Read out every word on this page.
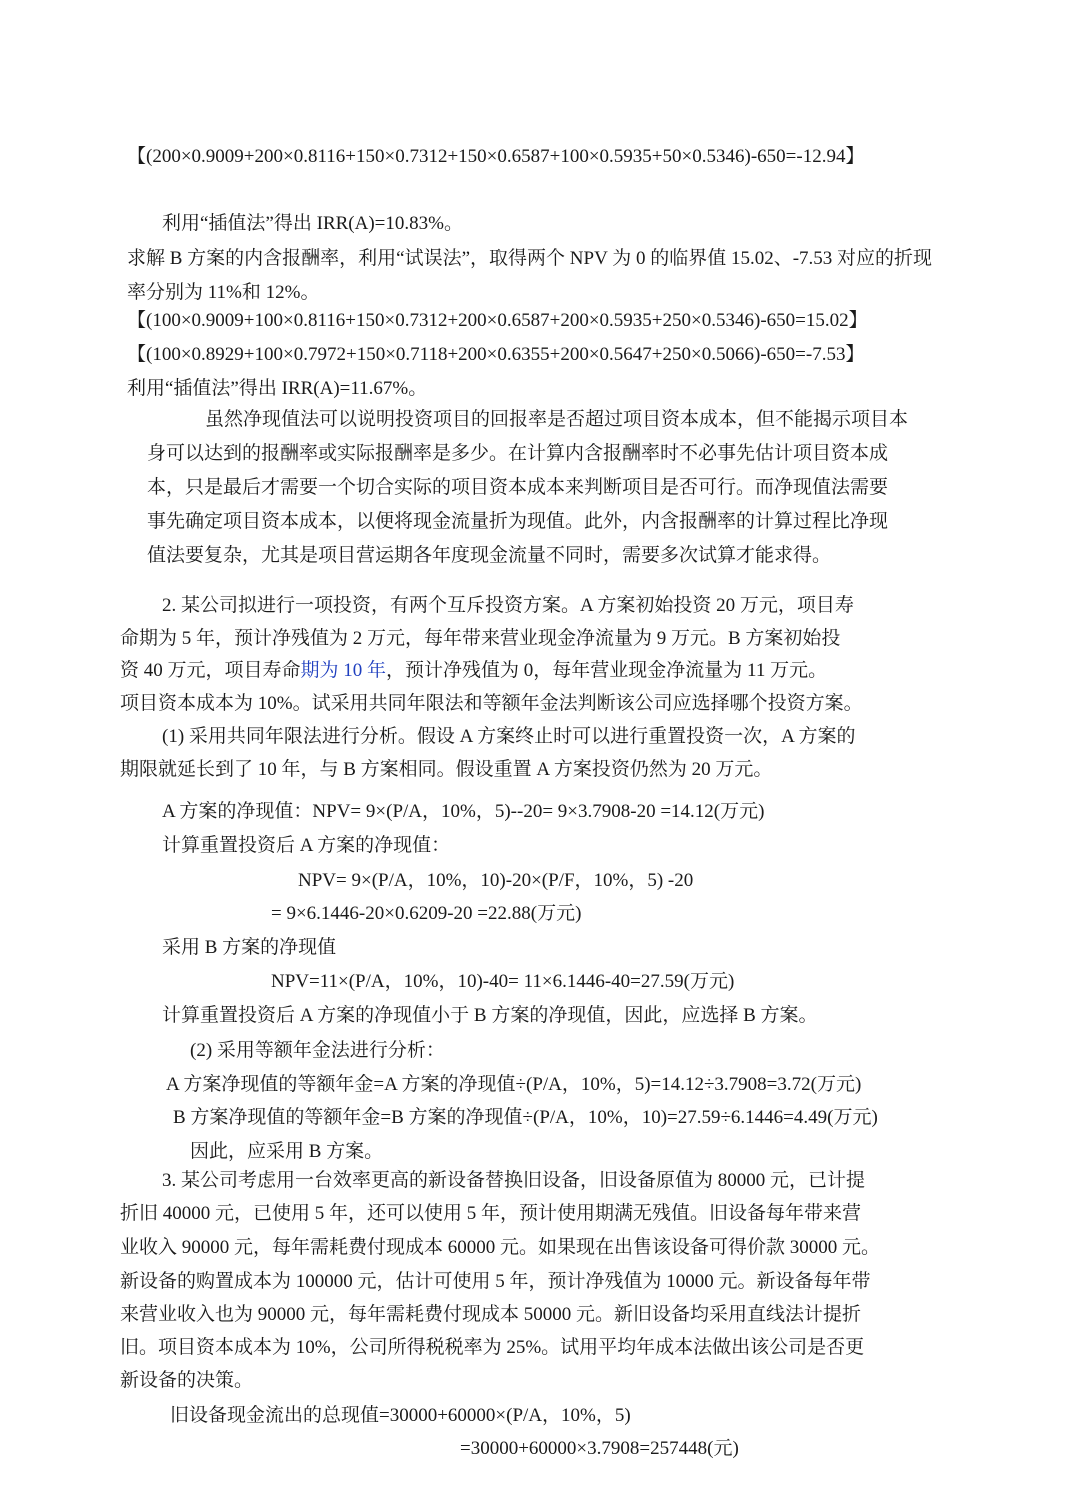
【(200×0.9009+200×0.8116+150×0.7312+150×0.6587+100×0.5935+50×0.5346)-650=-12.94】
利用“插值法”得出 IRR(A)=10.83%。
求解 B 方案的内含报酬率，利用“试误法”，取得两个 NPV 为 0 的临界值 15.02、-7.53 对应的折现
率分别为 11%和 12%。
【(100×0.9009+100×0.8116+150×0.7312+200×0.6587+200×0.5935+250×0.5346)-650=15.02】
【(100×0.8929+100×0.7972+150×0.7118+200×0.6355+200×0.5647+250×0.5066)-650=-7.53】
利用“插值法”得出 IRR(A)=11.67%。
虽然净现值法可以说明投资项目的回报率是否超过项目资本成本，但不能揭示项目本
身可以达到的报酬率或实际报酬率是多少。在计算内含报酬率时不必事先估计项目资本成
本，只是最后才需要一个切合实际的项目资本成本来判断项目是否可行。而净现值法需要
事先确定项目资本成本，以便将现金流量折为现值。此外，内含报酬率的计算过程比净现
值法要复杂，尤其是项目营运期各年度现金流量不同时，需要多次试算才能求得。
2. 某公司拟进行一项投资，有两个互斥投资方案。A 方案初始投资 20 万元，项目寿
命期为 5 年，预计净残值为 2 万元，每年带来营业现金净流量为 9 万元。B 方案初始投
资 40 万元，项目寿命期为 10 年，预计净残值为 0，每年营业现金净流量为 11 万元。
项目资本成本为 10%。试采用共同年限法和等额年金法判断该公司应选择哪个投资方案。
(1) 采用共同年限法进行分析。假设 A 方案终止时可以进行重置投资一次，A 方案的
期限就延长到了 10 年，与 B 方案相同。假设重置 A 方案投资仍然为 20 万元。
A 方案的净现值：NPV= 9×(P/A，10%，5)--20= 9×3.7908-20 =14.12(万元)
计算重置投资后 A 方案的净现值：
NPV= 9×(P/A，10%，10)-20×(P/F，10%，5) -20
= 9×6.1446-20×0.6209-20 =22.88(万元)
采用 B 方案的净现值
NPV=11×(P/A，10%，10)-40= 11×6.1446-40=27.59(万元)
计算重置投资后 A 方案的净现值小于 B 方案的净现值，因此，应选择 B 方案。
(2) 采用等额年金法进行分析：
A 方案净现值的等额年金=A 方案的净现值÷(P/A，10%，5)=14.12÷3.7908=3.72(万元)
B 方案净现值的等额年金=B 方案的净现值÷(P/A，10%，10)=27.59÷6.1446=4.49(万元)
因此，应采用 B 方案。
3. 某公司考虑用一台效率更高的新设备替换旧设备，旧设备原值为 80000 元，已计提
折旧 40000 元，已使用 5 年，还可以使用 5 年，预计使用期满无残值。旧设备每年带来营
业收入 90000 元，每年需耗费付现成本 60000 元。如果现在出售该设备可得价款 30000 元。
新设备的购置成本为 100000 元，估计可使用 5 年，预计净残值为 10000 元。新设备每年带
来营业收入也为 90000 元，每年需耗费付现成本 50000 元。新旧设备均采用直线法计提折
旧。项目资本成本为 10%，公司所得税税率为 25%。试用平均年成本法做出该公司是否更
新设备的决策。
旧设备现金流出的总现值=30000+60000×(P/A，10%，5)
=30000+60000×3.7908=257448(元)
